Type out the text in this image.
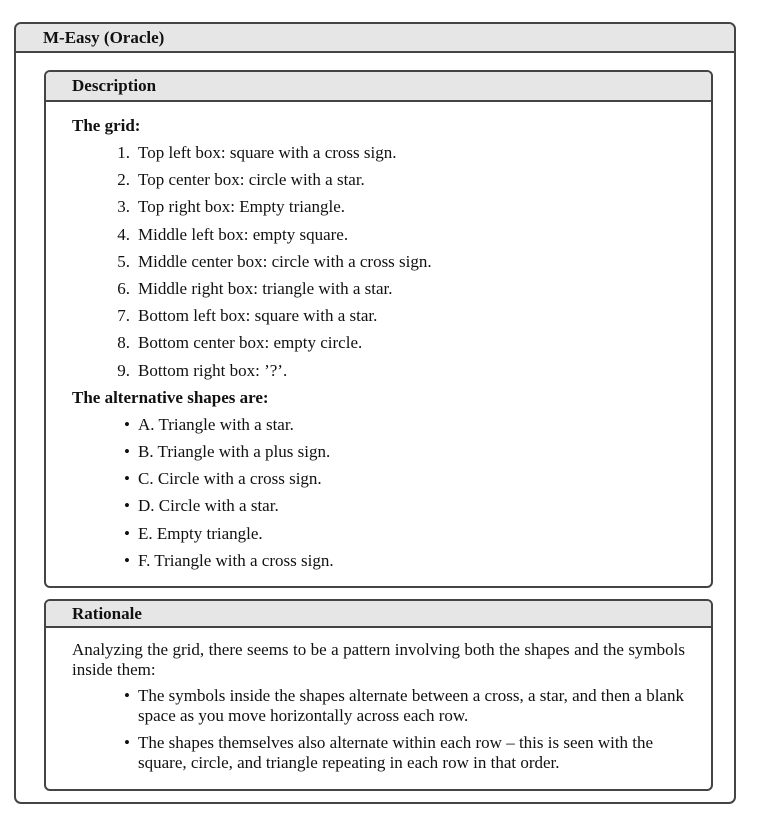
M-Easy (Oracle)
Description

The grid:

1. Top left box: square with a cross sign.
2. Top center box: circle with a star.
3. Top right box: Empty triangle.
4. Middle left box: empty square.
5. Middle center box: circle with a cross sign.
6. Middle right box: triangle with a star.
7. Bottom left box: square with a star.
8. Bottom center box: empty circle.
9. Bottom right box: ’?’.

The alternative shapes are:

• A. Triangle with a star.
• B. Triangle with a plus sign.
• C. Circle with a cross sign.
• D. Circle with a star.
• E. Empty triangle.
• F. Triangle with a cross sign.
Rationale

Analyzing the grid, there seems to be a pattern involving both the shapes and the symbols inside them:

• The symbols inside the shapes alternate between a cross, a star, and then a blank space as you move horizontally across each row.
• The shapes themselves also alternate within each row – this is seen with the square, circle, and triangle repeating in each row in that order.
